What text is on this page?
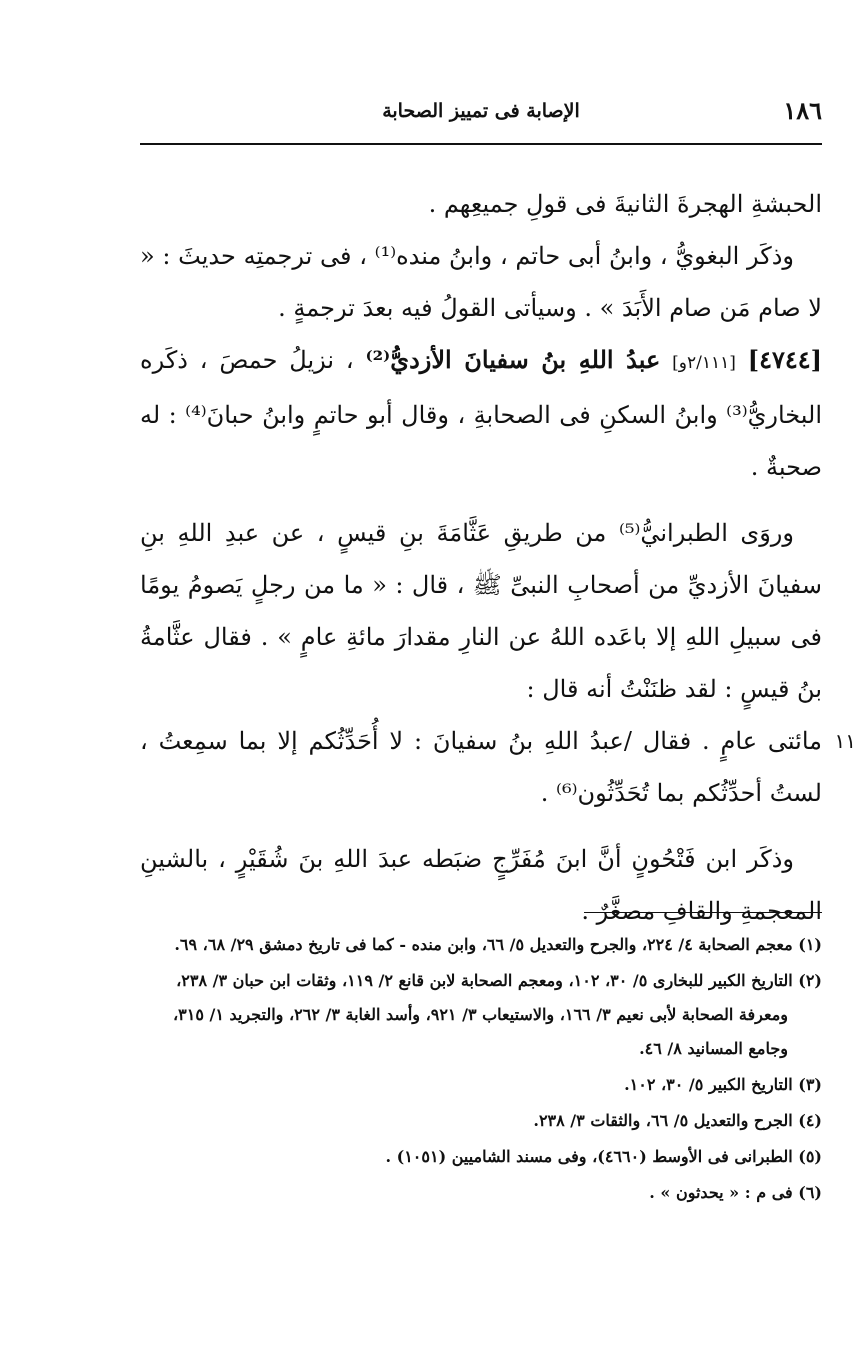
١٨٦
الإصابة فى تمييز الصحابة

الحبشةِ الهجرةَ الثانيةَ فى قولِ جميعِهم .

وذكَر البغويُّ ، وابنُ أبى حاتم ، وابنُ منده⁽¹⁾ ، فى ترجمتِه حديثَ : « لا صام مَن صام الأَبَدَ » . وسيأتى القولُ فيه بعدَ ترجمةٍ .

[٤٧٤٤] [٢/١١١و] عبدُ اللهِ بنُ سفيانَ الأزديُّ⁽²⁾ ، نزيلُ حمصَ ، ذكَره البخاريُّ⁽³⁾ وابنُ السكنِ فى الصحابةِ ، وقال أبو حاتمٍ وابنُ حبانَ⁽⁴⁾ : له صحبةٌ .

وروَى الطبرانيُّ⁽⁵⁾ من طريقِ عَثَّامَةَ بنِ قيسٍ ، عن عبدِ اللهِ بنِ سفيانَ الأزديِّ من أصحابِ النبىِّ ﷺ ، قال : « ما من رجلٍ يَصومُ يومًا فى سبيلِ اللهِ إلا باعَده اللهُ عن النارِ مقدارَ مائةِ عامٍ » . فقال عثَّامةُ بنُ قيسٍ : لقد ظنَنْتُ أنه قال :

١١
مائتى عامٍ . فقال /عبدُ اللهِ بنُ سفيانَ : لا أُحَدِّثُكم إلا بما سمِعتُ ، لستُ أحدِّثُكم بما تُحَدِّثُون⁽⁶⁾ .

وذكَر ابن فَتْحُونٍ أنَّ ابنَ مُفَرِّجٍ ضبَطه عبدَ اللهِ بنَ شُقَيْرٍ ، بالشينِ المعجمةِ والقافِ مصغَّرٌ .

(١) معجم الصحابة ٤/ ٢٢٤، والجرح والتعديل ٥/ ٦٦، وابن منده - كما فى تاريخ دمشق ٢٩/ ٦٨، ٦٩.

(٢) التاريخ الكبير للبخارى ٥/ ٣٠، ١٠٢، ومعجم الصحابة لابن قانع ٢/ ١١٩، وثقات ابن حبان ٣/ ٢٣٨، ومعرفة الصحابة لأبى نعيم ٣/ ١٦٦، والاستيعاب ٣/ ٩٢١، وأسد الغابة ٣/ ٢٦٢، والتجريد ١/ ٣١٥، وجامع المسانيد ٨/ ٤٦.

(٣) التاريخ الكبير ٥/ ٣٠، ١٠٢.

(٤) الجرح والتعديل ٥/ ٦٦، والثقات ٣/ ٢٣٨.

(٥) الطبرانى فى الأوسط (٤٦٦٠)، وفى مسند الشاميين (١٠٥١) .

(٦) فى م : « يحدثون » .
